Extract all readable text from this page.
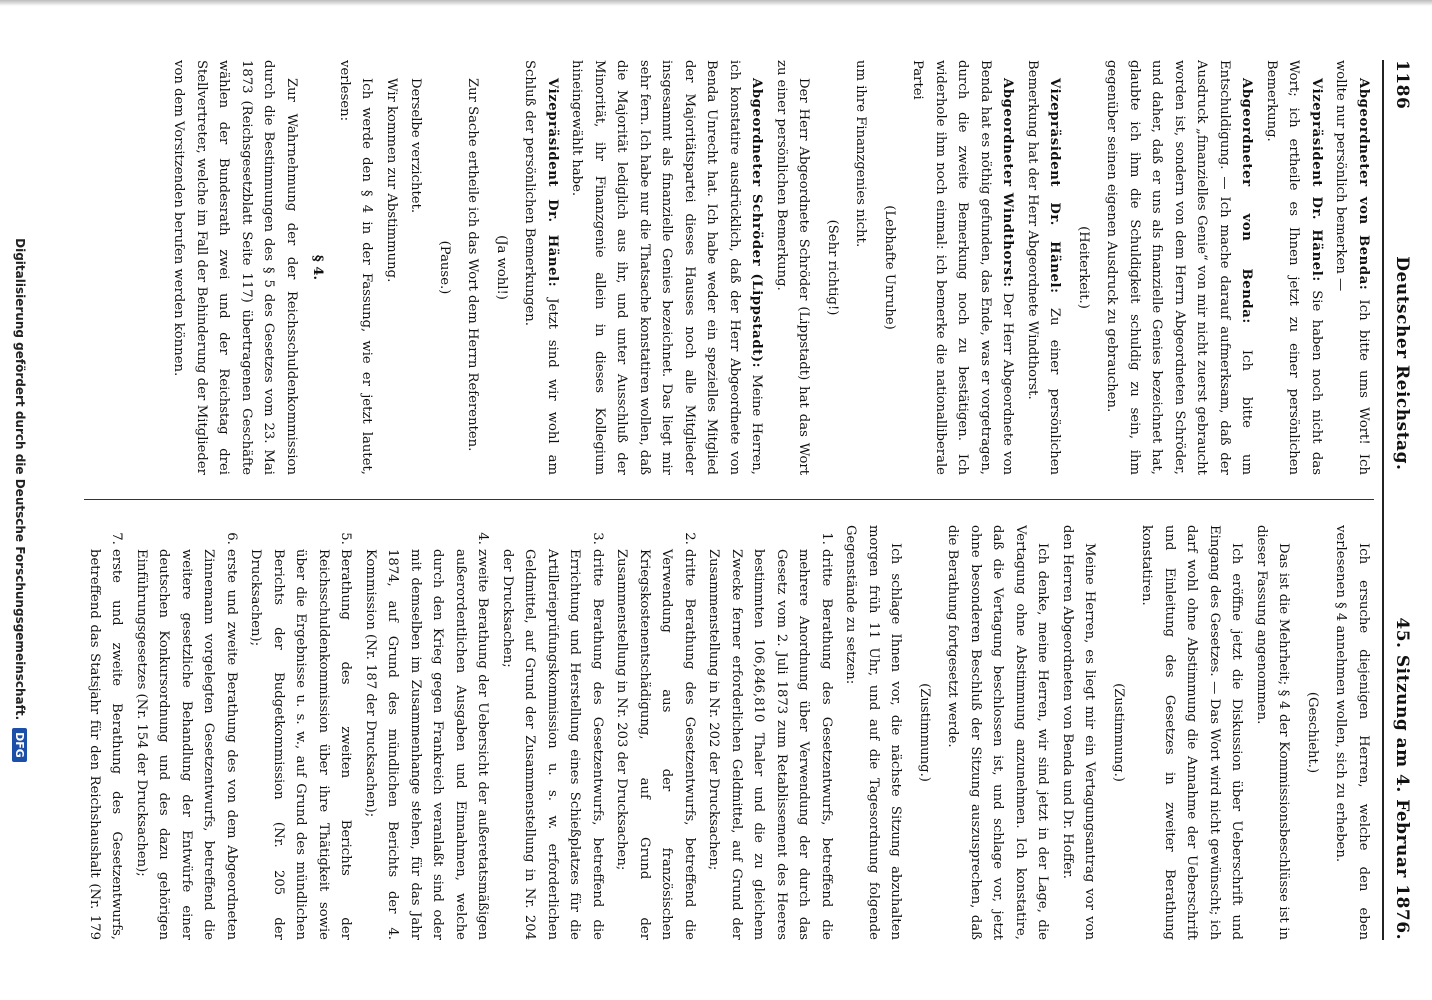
1186
Deutscher Reichstag.
45. Sitzung am 4. Februar 1876.

Abgeordneter von Benda: Ich bitte ums Wort! Ich wollte nur persönlich bemerken —

Vizepräsident Dr. Hänel: Sie haben noch nicht das Wort; ich ertheile es Ihnen jetzt zu einer persönlichen Bemerkung.

Abgeordneter von Benda: Ich bitte um Entschuldigung. — Ich mache darauf aufmerksam, daß der Ausdruck „finanzielles Genie“ von mir nicht zuerst gebraucht worden ist, sondern von dem Herrn Abgeordneten Schröder, und daher, daß er uns als finanzielle Genies bezeichnet hat, glaubte ich ihm die Schuldigkeit schuldig zu sein, ihm gegenüber seinen eigenen Ausdruck zu gebrauchen.

(Heiterkeit.)

Vizepräsident Dr. Hänel: Zu einer persönlichen Bemerkung hat der Herr Abgeordnete Windthorst.

Abgeordneter Windthorst: Der Herr Abgeordnete von Benda hat es nöthig gefunden, das Ende, was er vorgetragen, durch die zweite Bemerkung noch zu bestätigen. Ich widerhole ihm noch einmal: ich bemerke die nationalliberale Partei

(Lebhafte Unruhe)

um ihre Finanzgenies nicht.

(Sehr richtig!)

Der Herr Abgeordnete Schröder (Lippstadt) hat das Wort zu einer persönlichen Bemerkung.

Abgeordneter Schröder (Lippstadt): Meine Herren, ich konstatire ausdrücklich, daß der Herr Abgeordnete von Benda Unrecht hat. Ich habe weder ein spezielles Mitglied der Majoritätspartei dieses Hauses noch alle Mitglieder insgesammt als finanzielle Genies bezeichnet. Das liegt mir sehr fern. Ich habe nur die Thatsache konstatiren wollen, daß die Majorität lediglich aus ihr, und unter Ausschluß der Minorität, ihr Finanzgenie allein in dieses Kollegium hineingewählt habe.

Vizepräsident Dr. Hänel: Jetzt sind wir wohl am Schluß der persönlichen Bemerkungen.

(Ja wohl!)

Zur Sache ertheile ich das Wort dem Herrn Referenten.

(Pause.)

Derselbe verzichtet.

Wir kommen zur Abstimmung.

Ich werde den § 4 in der Fassung, wie er jetzt lautet, verlesen:

§ 4.

Zur Wahrnehmung der der Reichsschuldenkommission durch die Bestimmungen des § 5 des Gesetzes vom 23. Mai 1873 (Reichsgesetzblatt Seite 117) übertragenen Geschäfte wählen der Bundesrath zwei und der Reichstag drei Stellvertreter, welche im Fall der Behinderung der Mitglieder von dem Vorsitzenden berufen werden können.

Ich ersuche diejenigen Herren, welche den eben verlesenen § 4 annehmen wollen, sich zu erheben.

(Geschieht.)

Das ist die Mehrheit; § 4 der Kommissionsbeschlüsse ist in dieser Fassung angenommen.

Ich eröffne jetzt die Diskussion über Ueberschrift und Eingang des Gesetzes. — Das Wort wird nicht gewünscht; ich darf wohl ohne Abstimmung die Annahme der Ueberschrift und Einleitung des Gesetzes in zweiter Berathung konstatiren.

(Zustimmung.)

Meine Herren, es liegt mir ein Vertagungsantrag vor von den Herren Abgeordneten von Benda und Dr. Hoffer.

Ich denke, meine Herren, wir sind jetzt in der Lage, die Vertagung ohne Abstimmung anzunehmen. Ich konstatire, daß die Vertagung beschlossen ist, und schlage vor, jetzt ohne besonderen Beschluß der Sitzung auszusprechen, daß die Berathung fortgesetzt werde.

(Zustimmung.)

Ich schlage Ihnen vor, die nächste Sitzung abzuhalten morgen früh 11 Uhr, und auf die Tagesordnung folgende Gegenstände zu setzen:

1. dritte Berathung des Gesetzentwurfs, betreffend die mehrere Anordnung über Verwendung der durch das Gesetz vom 2. Juli 1873 zum Retablissement des Heeres bestimmten 106,846,810 Thaler und die zu gleichem Zwecke ferner erforderlichen Geldmittel, auf Grund der Zusammenstellung in Nr. 202 der Drucksachen;
2. dritte Berathung des Gesetzentwurfs, betreffend die Verwendung aus der französischen Kriegskostenentschädigung, auf Grund der Zusammenstellung in Nr. 203 der Drucksachen;
3. dritte Berathung des Gesetzentwurfs, betreffend die Errichtung und Herstellung eines Schießplatzes für die Artillerieprüfungskommission u. s. w. erforderlichen Geldmittel, auf Grund der Zusammenstellung in Nr. 204 der Drucksachen;
4. zweite Berathung der Uebersicht der außeretatsmäßigen außerordentlichen Ausgaben und Einnahmen, welche durch den Krieg gegen Frankreich veranlaßt sind oder mit demselben im Zusammenhange stehen, für das Jahr 1874, auf Grund des mündlichen Berichts der 4. Kommission (Nr. 187 der Drucksachen);
5. Berathung des zweiten Berichts der Reichsschuldenkommission über ihre Thätigkeit sowie über die Ergebnisse u. s. w., auf Grund des mündlichen Berichts der Budgetkommission (Nr. 205 der Drucksachen);
6. erste und zweite Berathung des von dem Abgeordneten Zinnemann vorgelegten Gesetzentwurfs, betreffend die weitere gesetzliche Behandlung der Entwürfe einer deutschen Konkursordnung und des dazu gehörigen Einführungsgesetzes (Nr. 154 der Drucksachen);
7. erste und zweite Berathung des Gesetzentwurfs, betreffend das Statsjahr für den Reichshaushalt (Nr. 179
Digitalisierung gefördert durch die Deutsche Forschungsgemeinschaft.
DFG
